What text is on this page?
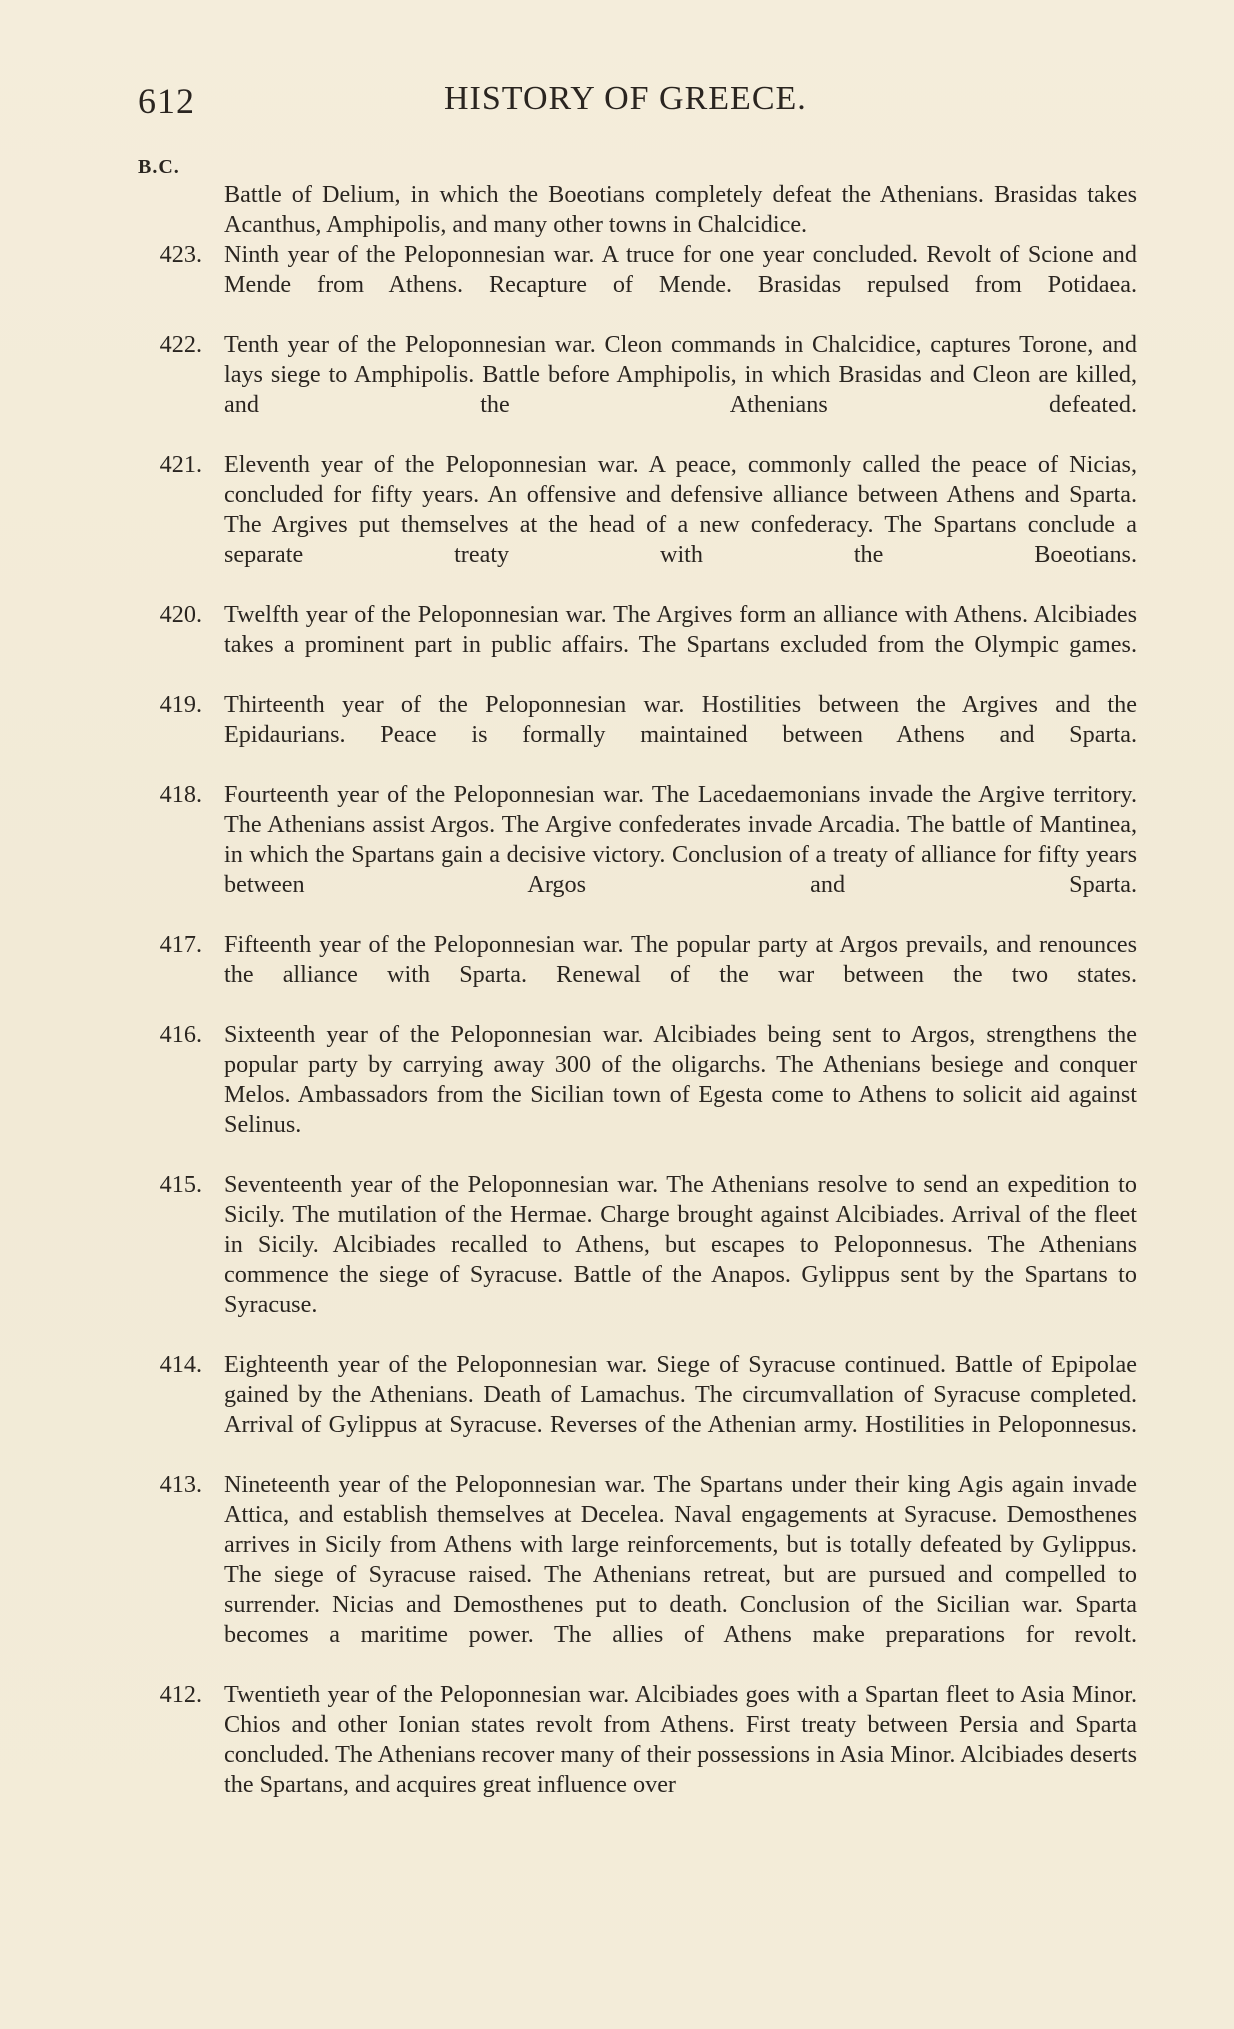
612	HISTORY OF GREECE.
B.C.

Battle of Delium, in which the Boeotians completely defeat the Athenians. Brasidas takes Acanthus, Amphipolis, and many other towns in Chalcidice.

423. Ninth year of the Peloponnesian war. A truce for one year concluded. Revolt of Scione and Mende from Athens. Recapture of Mende. Brasidas repulsed from Potidaea.

422. Tenth year of the Peloponnesian war. Cleon commands in Chalcidice, captures Torone, and lays siege to Amphipolis. Battle before Amphipolis, in which Brasidas and Cleon are killed, and the Athenians defeated.

421. Eleventh year of the Peloponnesian war. A peace, commonly called the peace of Nicias, concluded for fifty years. An offensive and defensive alliance between Athens and Sparta. The Argives put themselves at the head of a new confederacy. The Spartans conclude a separate treaty with the Boeotians.

420. Twelfth year of the Peloponnesian war. The Argives form an alliance with Athens. Alcibiades takes a prominent part in public affairs. The Spartans excluded from the Olympic games.

419. Thirteenth year of the Peloponnesian war. Hostilities between the Argives and the Epidaurians. Peace is formally maintained between Athens and Sparta.

418. Fourteenth year of the Peloponnesian war. The Lacedaemonians invade the Argive territory. The Athenians assist Argos. The Argive confederates invade Arcadia. The battle of Mantinea, in which the Spartans gain a decisive victory. Conclusion of a treaty of alliance for fifty years between Argos and Sparta.

417. Fifteenth year of the Peloponnesian war. The popular party at Argos prevails, and renounces the alliance with Sparta. Renewal of the war between the two states.

416. Sixteenth year of the Peloponnesian war. Alcibiades being sent to Argos, strengthens the popular party by carrying away 300 of the oligarchs. The Athenians besiege and conquer Melos. Ambassadors from the Sicilian town of Egesta come to Athens to solicit aid against Selinus.

415. Seventeenth year of the Peloponnesian war. The Athenians resolve to send an expedition to Sicily. The mutilation of the Hermae. Charge brought against Alcibiades. Arrival of the fleet in Sicily. Alcibiades recalled to Athens, but escapes to Peloponnesus. The Athenians commence the siege of Syracuse. Battle of the Anapos. Gylippus sent by the Spartans to Syracuse.

414. Eighteenth year of the Peloponnesian war. Siege of Syracuse continued. Battle of Epipolae gained by the Athenians. Death of Lamachus. The circumvallation of Syracuse completed. Arrival of Gylippus at Syracuse. Reverses of the Athenian army. Hostilities in Peloponnesus.

413. Nineteenth year of the Peloponnesian war. The Spartans under their king Agis again invade Attica, and establish themselves at Decelea. Naval engagements at Syracuse. Demosthenes arrives in Sicily from Athens with large reinforcements, but is totally defeated by Gylippus. The siege of Syracuse raised. The Athenians retreat, but are pursued and compelled to surrender. Nicias and Demosthenes put to death. Conclusion of the Sicilian war. Sparta becomes a maritime power. The allies of Athens make preparations for revolt.

412. Twentieth year of the Peloponnesian war. Alcibiades goes with a Spartan fleet to Asia Minor. Chios and other Ionian states revolt from Athens. First treaty between Persia and Sparta concluded. The Athenians recover many of their possessions in Asia Minor. Alcibiades deserts the Spartans, and acquires great influence over
